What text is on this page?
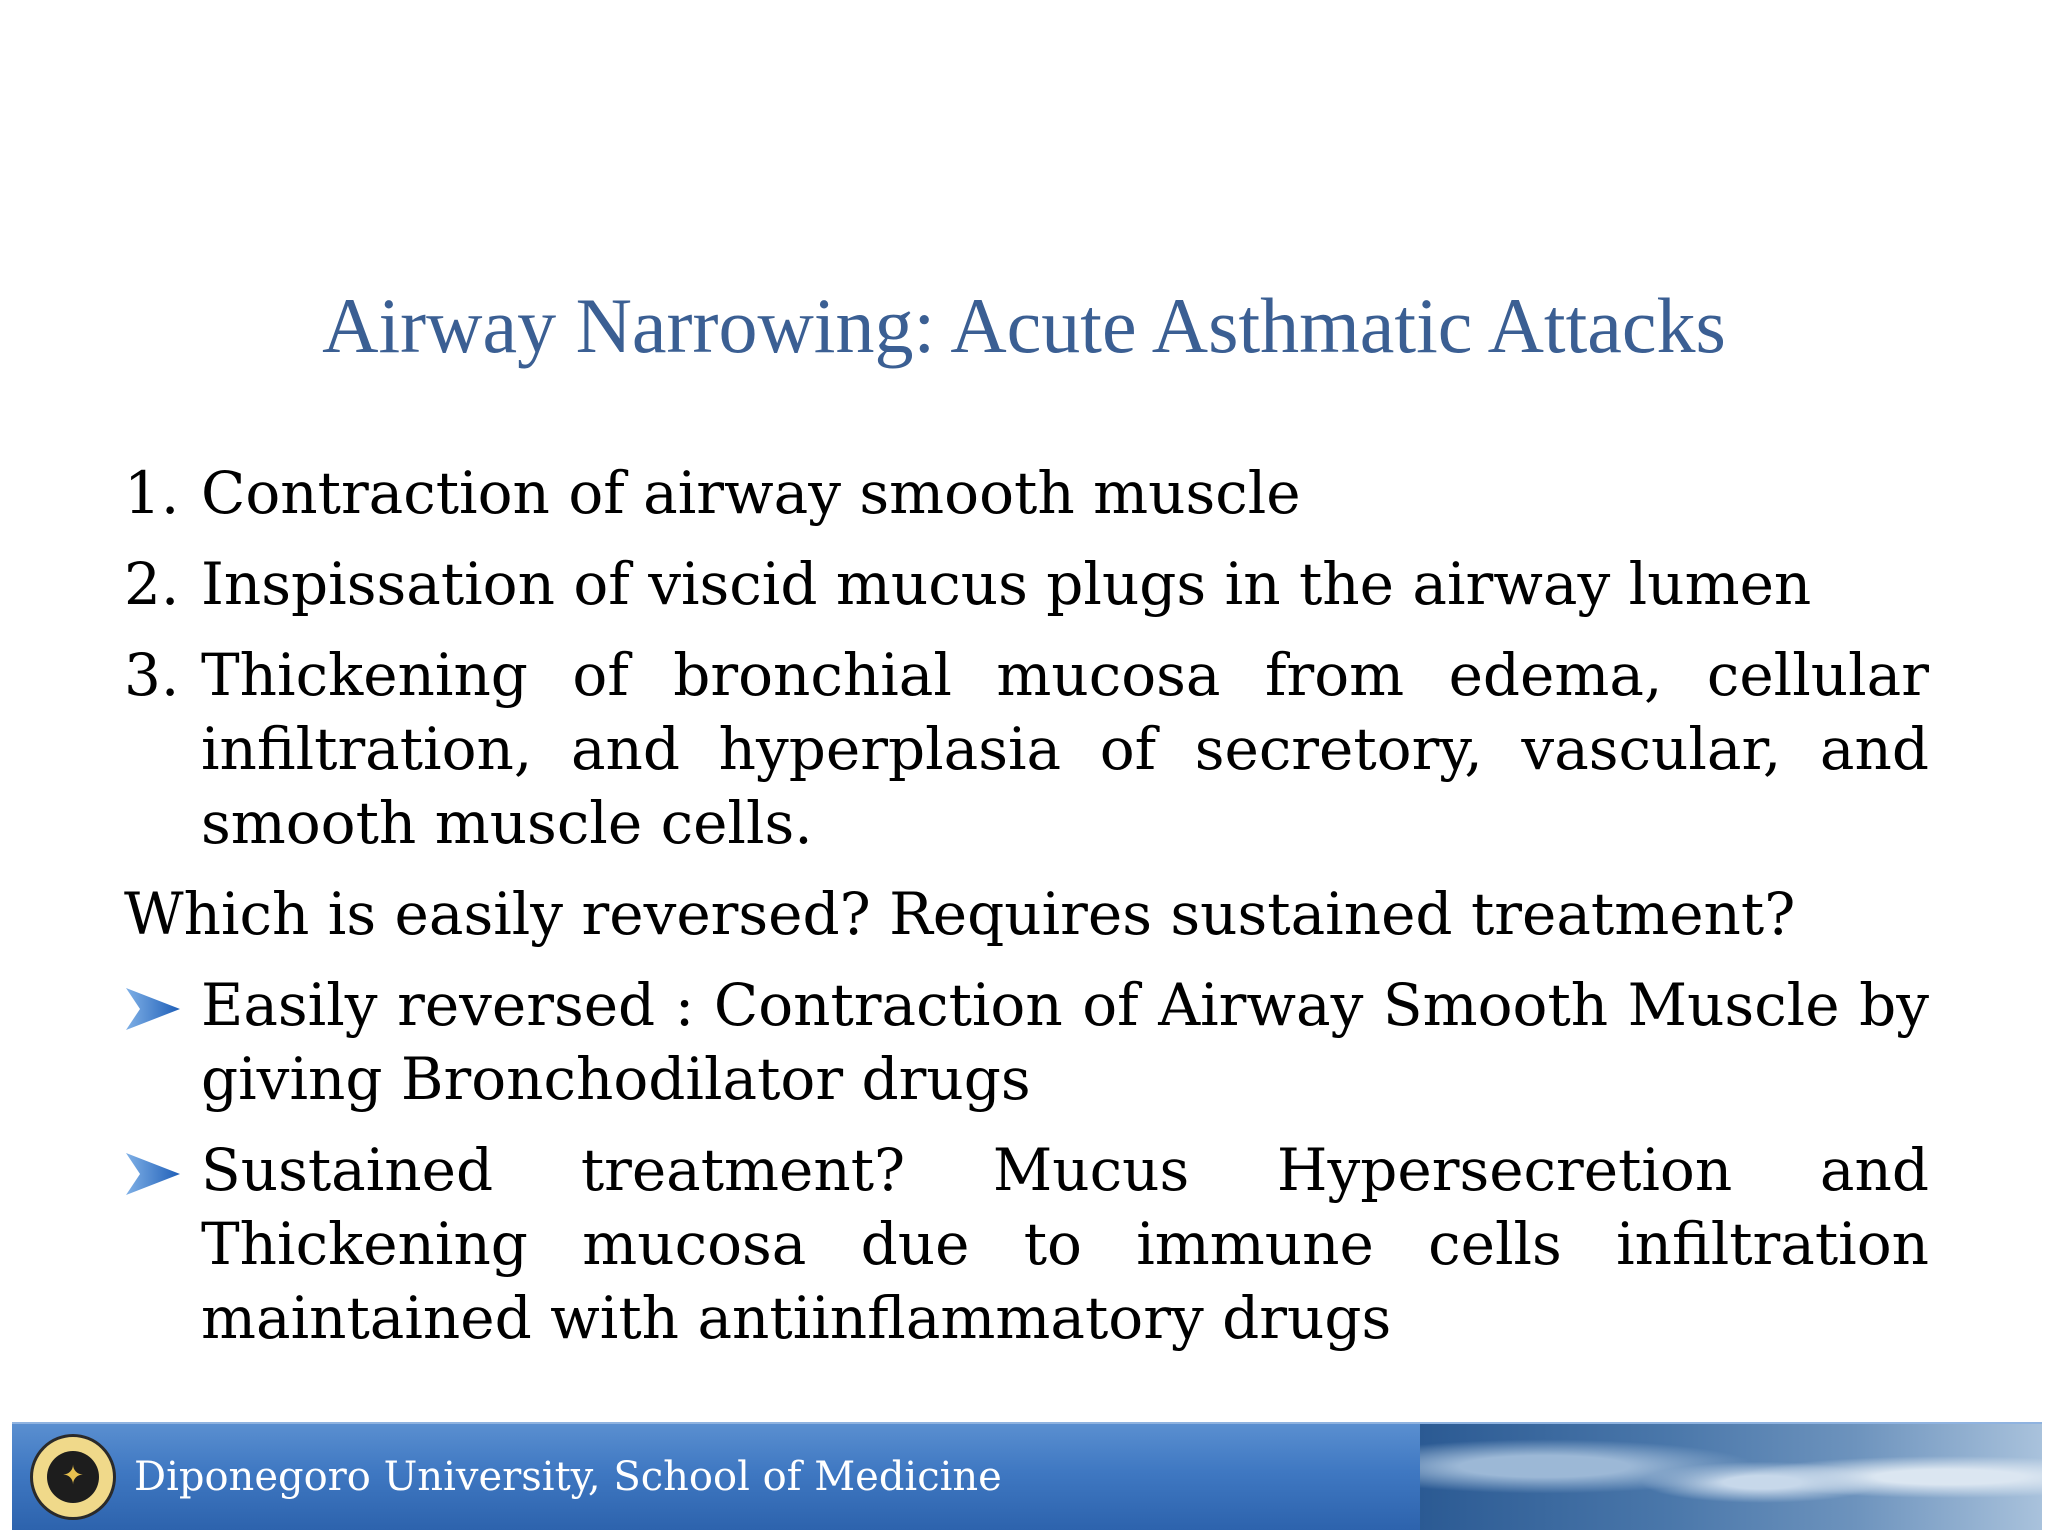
Airway Narrowing: Acute Asthmatic Attacks
1. Contraction of airway smooth muscle
2. Inspissation of viscid mucus plugs in the airway lumen
3. Thickening of bronchial mucosa from edema, cellular infiltration, and hyperplasia of secretory, vascular, and smooth muscle cells.
Which is easily reversed? Requires sustained treatment?
Easily reversed : Contraction of Airway Smooth Muscle by giving Bronchodilator drugs
Sustained treatment? Mucus Hypersecretion and Thickening mucosa due to immune cells infiltration maintained with antiinflammatory drugs
✦	Diponegoro University, School of Medicine
